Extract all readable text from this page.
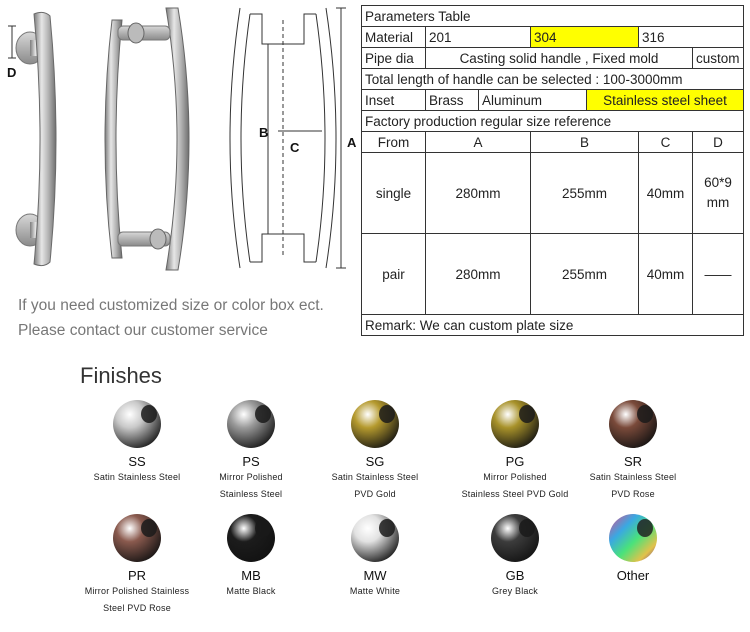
D
B
C	A
If you need customized size or color box ect.
Please contact our customer service
Parameters Table						
Material	201		304		316	
Pipe dia	Casting solid handle , Fixed mold					custom
Total length of handle can be selected : 100-3000mm						
Inset	Brass	Aluminum		Stainless steel sheet		
Factory production regular size reference						
From	A		B		C	D
single	280mm		255mm		40mm	60*9 mm
pair	280mm		255mm		40mm	——
Remark: We can custom plate size						
Finishes
SS
Satin Stainless Steel
PS
Mirror Polished
Stainless Steel
SG
Satin Stainless Steel
PVD Gold
PG
Mirror Polished
Stainless Steel PVD Gold
SR
Satin Stainless Steel
PVD Rose
PR
Mirror Polished Stainless
Steel PVD Rose
MB
Matte Black
MW
Matte White
GB
Grey Black
Other
